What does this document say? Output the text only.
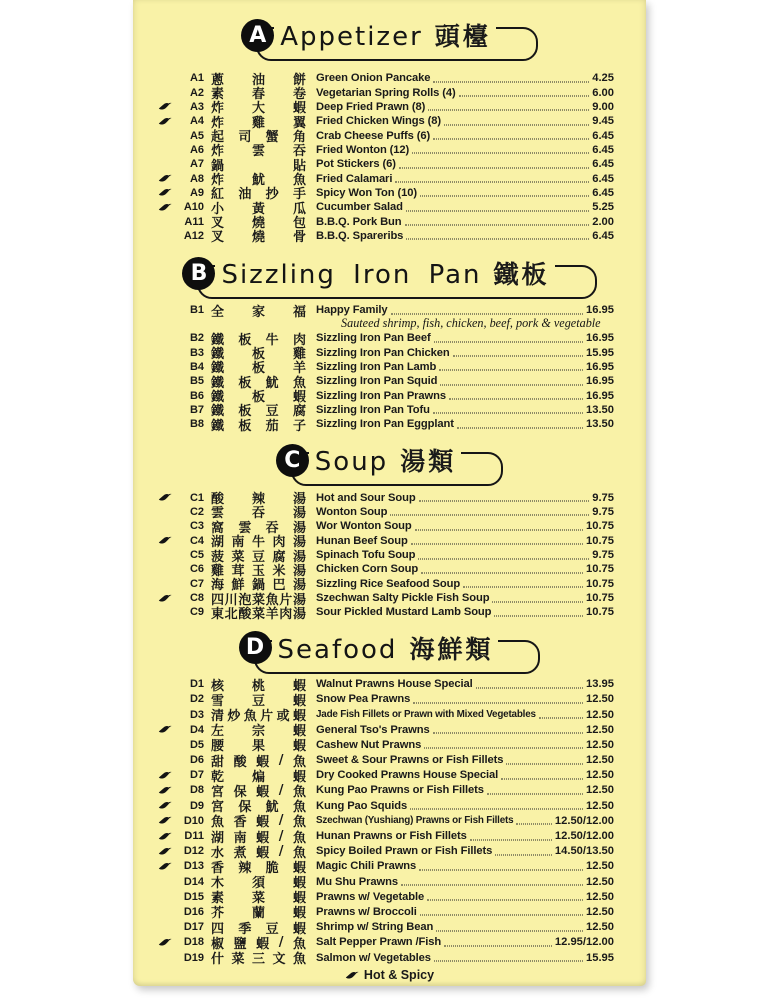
A Appetizer 頭檯
A1 蔥 油 餅 Green Onion Pancake	4.25
A2 素 春 卷 Vegetarian Spring Rolls (4)	6.00
A3 炸 大 蝦 Deep Fried Prawn (8)	9.00
A4 炸 雞 翼 Fried Chicken Wings (8)	9.45
A5 起 司 蟹 角 Crab Cheese Puffs (6)	6.45
A6 炸 雲 吞 Fried Wonton (12)	6.45
A7 鍋	貼 Pot Stickers (6)	6.45
A8 炸 魷 魚 Fried Calamari	6.45
A9 紅 油 抄 手 Spicy Won Ton (10)	6.45
A10 小 黃 瓜 Cucumber Salad	5.25
A11 叉 燒 包 B.B.Q. Pork Bun	2.00
A12 叉 燒 骨 B.B.Q. Spareribs	6.45
B Sizzling Iron Pan 鐵板
B1 全 家 福 Happy Family	16.95
Sauteed shrimp, fish, chicken, beef, pork & vegetable
B2 鐵 板 牛 肉 Sizzling Iron Pan Beef	16.95
B3 鐵 板 雞 Sizzling Iron Pan Chicken	15.95
B4 鐵 板 羊 Sizzling Iron Pan Lamb	16.95
B5 鐵 板 魷 魚 Sizzling Iron Pan Squid	16.95
B6 鐵 板 蝦 Sizzling Iron Pan Prawns	16.95
B7 鐵 板 豆 腐 Sizzling Iron Pan Tofu	13.50
B8 鐵 板 茄 子 Sizzling Iron Pan Eggplant	13.50
C Soup 湯類
C1 酸 辣 湯 Hot and Sour Soup	9.75
C2 雲 吞 湯 Wonton Soup	9.75
C3 窩 雲 吞 湯 Wor Wonton Soup	10.75
C4 湖 南 牛 肉 湯 Hunan Beef Soup	10.75
C5 菠 菜 豆 腐 湯 Spinach Tofu Soup	9.75
C6 雞 茸 玉 米 湯 Chicken Corn Soup	10.75
C7 海 鮮 鍋 巴 湯 Sizzling Rice Seafood Soup	10.75
C8 四 川 泡 菜 魚 片 湯 Szechwan Salty Pickle Fish Soup	10.75
C9 東 北 酸 菜 羊 肉 湯 Sour Pickled Mustard Lamb Soup	10.75
D Seafood 海鮮類
D1 核 桃 蝦 Walnut Prawns House Special	13.95
D2 雪 豆 蝦 Snow Pea Prawns	12.50
D3 清 炒 魚 片 或 蝦 Jade Fish Fillets or Prawn with Mixed Vegetables	12.50
D4 左 宗 蝦 General Tso's Prawns	12.50
D5 腰 果 蝦 Cashew Nut Prawns	12.50
D6 甜 酸 蝦 / 魚 Sweet & Sour Prawns or Fish Fillets	12.50
D7 乾 煸 蝦 Dry Cooked Prawns House Special	12.50
D8 宮 保 蝦 / 魚 Kung Pao Prawns or Fish Fillets	12.50
D9 宮 保 魷 魚 Kung Pao Squids	12.50
D10 魚 香 蝦 / 魚 Szechwan (Yushiang) Prawns or Fish Fillets	12.50/12.00
D11 湖 南 蝦 / 魚 Hunan Prawns or Fish Fillets	12.50/12.00
D12 水 煮 蝦 / 魚 Spicy Boiled Prawn or Fish Fillets	14.50/13.50
D13 香 辣 脆 蝦 Magic Chili Prawns	12.50
D14 木 須 蝦 Mu Shu Prawns	12.50
D15 素 菜 蝦 Prawns w/ Vegetable	12.50
D16 芥 蘭 蝦 Prawns w/ Broccoli	12.50
D17 四 季 豆 蝦 Shrimp w/ String Bean	12.50
D18 椒 鹽 蝦 / 魚 Salt Pepper Prawn /Fish	12.95/12.00
D19 什 菜 三 文 魚 Salmon w/ Vegetables	15.95
Hot & Spicy
